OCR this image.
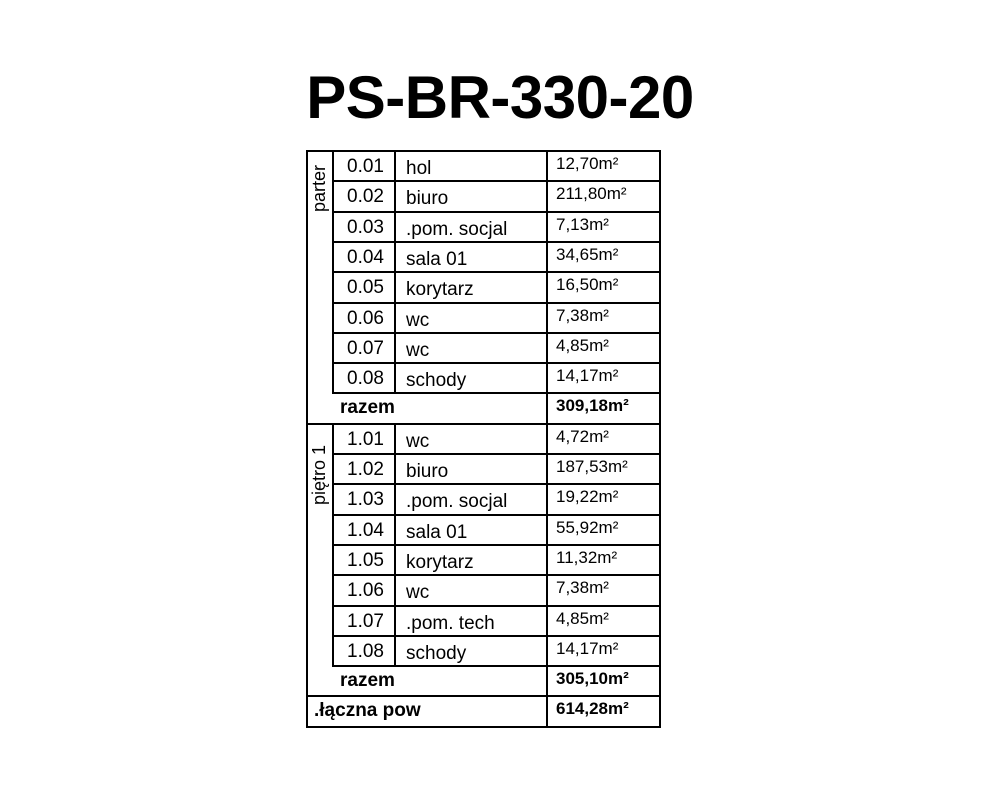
PS-BR-330-20
0.01 hol	12,70m²
0.02 biuro	211,80m²
0.03 .pom. socjal	7,13m²
0.04 sala 01	34,65m²
0.05 korytarz	16,50m²
0.06 wc	7,38m²
0.07 wc	4,85m²
0.08 schody	14,17m²
razem	309,18m²
parter
1.01 wc	4,72m²
1.02 biuro	187,53m²
1.03 .pom. socjal	19,22m²
1.04 sala 01	55,92m²
1.05 korytarz	11,32m²
1.06 wc	7,38m²
1.07 .pom. tech	4,85m²
1.08 schody	14,17m²
razem	305,10m²
piętro 1
.łączna pow	614,28m²
